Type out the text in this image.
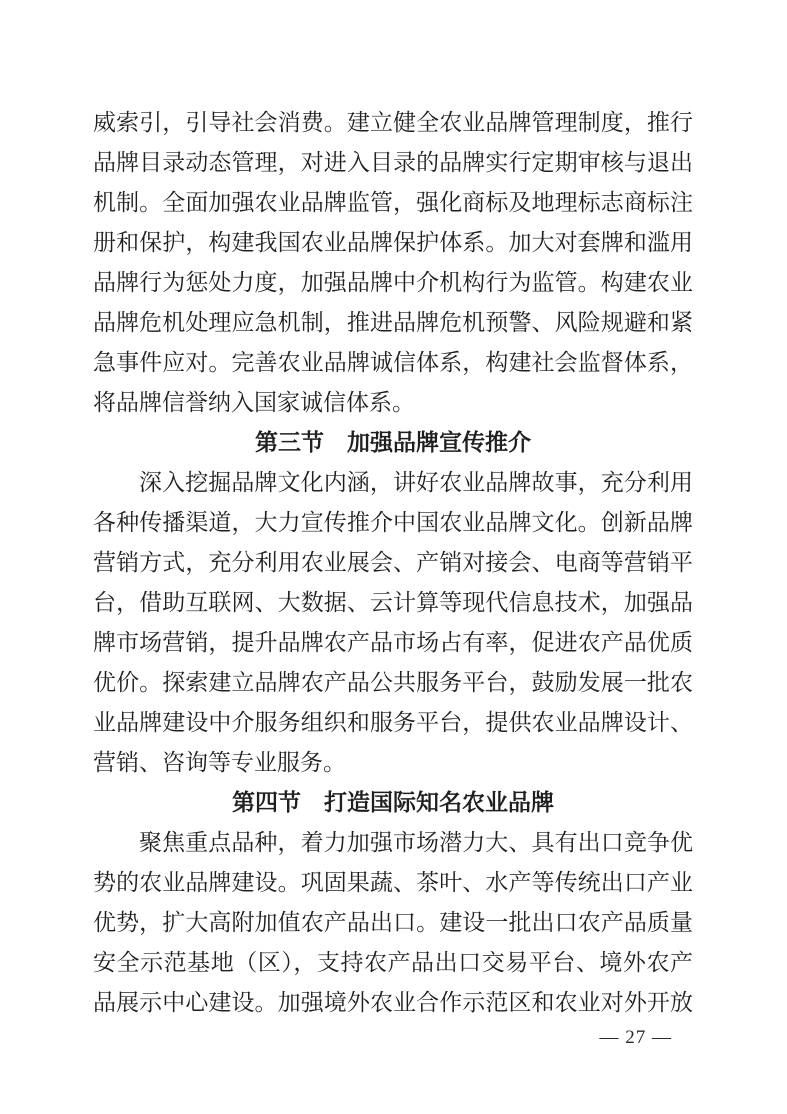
威索引，引导社会消费。建立健全农业品牌管理制度，推行
品牌目录动态管理，对进入目录的品牌实行定期审核与退出
机制。全面加强农业品牌监管，强化商标及地理标志商标注
册和保护，构建我国农业品牌保护体系。加大对套牌和滥用
品牌行为惩处力度，加强品牌中介机构行为监管。构建农业
品牌危机处理应急机制，推进品牌危机预警、风险规避和紧
急事件应对。完善农业品牌诚信体系，构建社会监督体系，
将品牌信誉纳入国家诚信体系。
第三节　加强品牌宣传推介
深入挖掘品牌文化内涵，讲好农业品牌故事，充分利用
各种传播渠道，大力宣传推介中国农业品牌文化。创新品牌
营销方式，充分利用农业展会、产销对接会、电商等营销平
台，借助互联网、大数据、云计算等现代信息技术，加强品
牌市场营销，提升品牌农产品市场占有率，促进农产品优质
优价。探索建立品牌农产品公共服务平台，鼓励发展一批农
业品牌建设中介服务组织和服务平台，提供农业品牌设计、
营销、咨询等专业服务。
第四节　打造国际知名农业品牌
聚焦重点品种，着力加强市场潜力大、具有出口竞争优
势的农业品牌建设。巩固果蔬、茶叶、水产等传统出口产业
优势，扩大高附加值农产品出口。建设一批出口农产品质量
安全示范基地（区），支持农产品出口交易平台、境外农产
品展示中心建设。加强境外农业合作示范区和农业对外开放
— 27 —
